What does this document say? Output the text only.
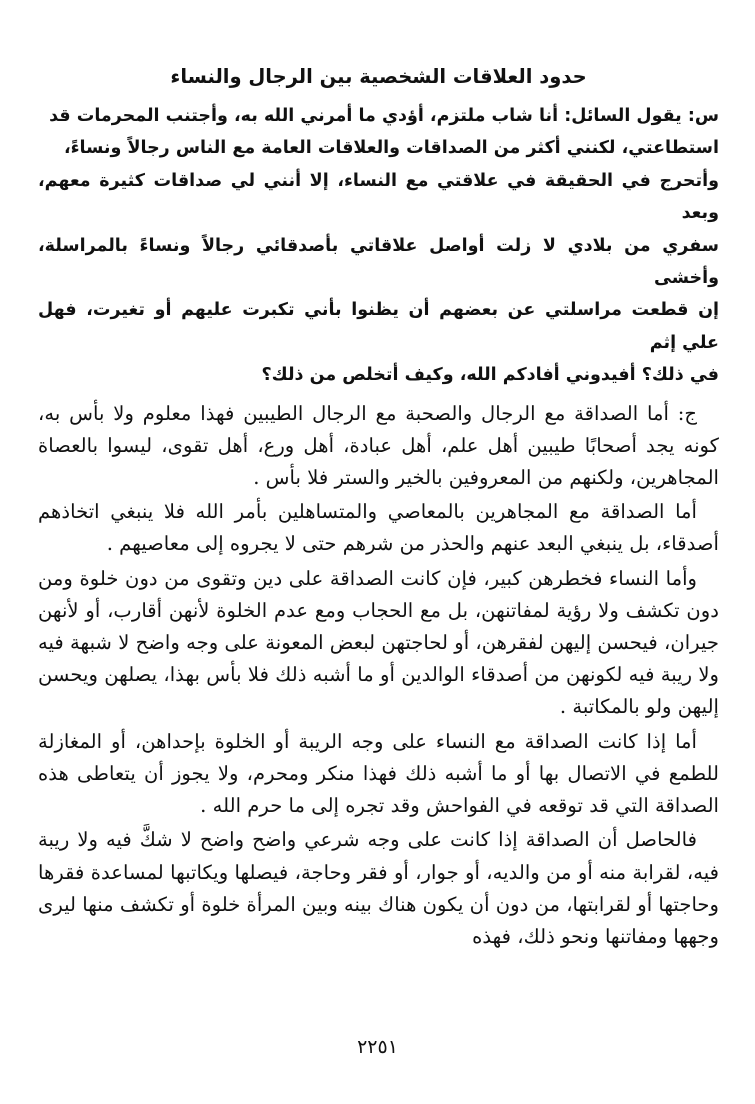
حدود العلاقات الشخصية بين الرجال والنساء

س: يقول السائل: أنا شاب ملتزم، أؤدي ما أمرني الله به، وأجتنب المحرمات قد

استطاعتي، لكنني أكثر من الصداقات والعلاقات العامة مع الناس رجالاً ونساءً،

وأتحرج في الحقيقة في علاقتي مع النساء، إلا أنني لي صداقات كثيرة معهم، وبعد

سفري من بلادي لا زلت أواصل علاقاتي بأصدقائي رجالاً ونساءً بالمراسلة، وأخشى

إن قطعت مراسلتي عن بعضهم أن يظنوا بأني تكبرت عليهم أو تغيرت، فهل علي إثم

في ذلك؟ أفيدوني أفادكم الله، وكيف أتخلص من ذلك؟

ج: أما الصداقة مع الرجال والصحبة مع الرجال الطيبين فهذا معلوم ولا بأس به، كونه يجد أصحابًا طيبين أهل علم، أهل عبادة، أهل ورع، أهل تقوى، ليسوا بالعصاة المجاهرين، ولكنهم من المعروفين بالخير والستر فلا بأس .

أما الصداقة مع المجاهرين بالمعاصي والمتساهلين بأمر الله فلا ينبغي اتخاذهم أصدقاء، بل ينبغي البعد عنهم والحذر من شرهم حتى لا يجروه إلى معاصيهم .

وأما النساء فخطرهن كبير، فإن كانت الصداقة على دين وتقوى من دون خلوة ومن دون تكشف ولا رؤية لمفاتنهن، بل مع الحجاب ومع عدم الخلوة لأنهن أقارب، أو لأنهن جيران، فيحسن إليهن لفقرهن، أو لحاجتهن لبعض المعونة على وجه واضح لا شبهة فيه ولا ريبة فيه لكونهن من أصدقاء الوالدين أو ما أشبه ذلك فلا بأس بهذا، يصلهن ويحسن إليهن ولو بالمكاتبة .

أما إذا كانت الصداقة مع النساء على وجه الريبة أو الخلوة بإحداهن، أو المغازلة للطمع في الاتصال بها أو ما أشبه ذلك فهذا منكر ومحرم، ولا يجوز أن يتعاطى هذه الصداقة التي قد توقعه في الفواحش وقد تجره إلى ما حرم الله .

فالحاصل أن الصداقة إذا كانت على وجه شرعي واضح واضح لا شكَّ فيه ولا ريبة فيه، لقرابة منه أو من والديه، أو جوار، أو فقر وحاجة، فيصلها ويكاتبها لمساعدة فقرها وحاجتها أو لقرابتها، من دون أن يكون هناك بينه وبين المرأة خلوة أو تكشف منها ليرى وجهها ومفاتنها ونحو ذلك، فهذه

٢٢٥١
